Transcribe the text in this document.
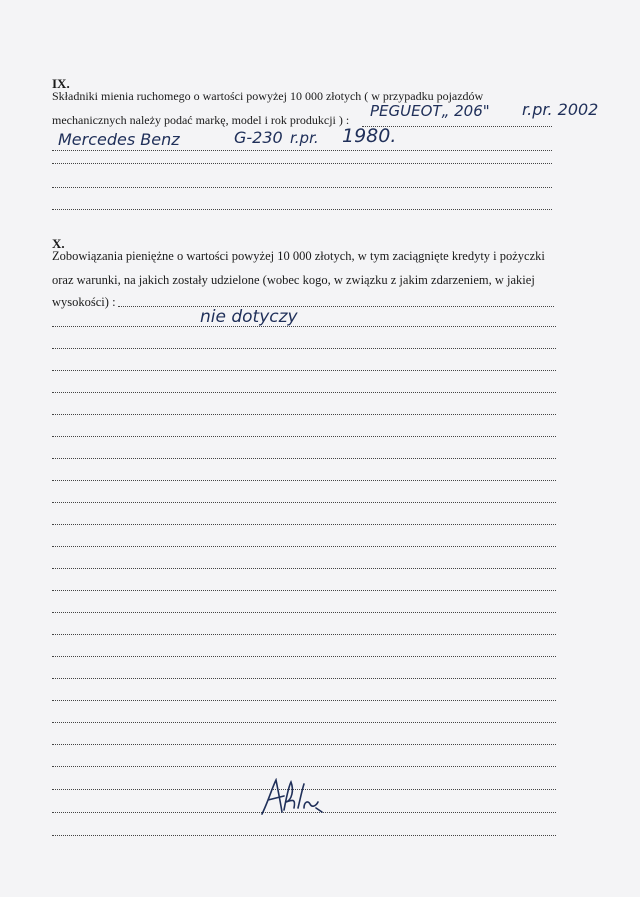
IX.
Składniki mienia ruchomego o wartości powyżej 10 000 złotych ( w przypadku pojazdów
mechanicznych należy podać markę, model i rok produkcji ) : PEGUEOT„ 206" r.pr. 2002
Mercedes Benz	G-230 r.pr. 1980.
X.
Zobowiązania pieniężne o wartości powyżej 10 000 złotych, w tym zaciągnięte kredyty i pożyczki
oraz warunki, na jakich zostały udzielone (wobec kogo, w związku z jakim zdarzeniem, w jakiej
wysokości) :
nie dotyczy
